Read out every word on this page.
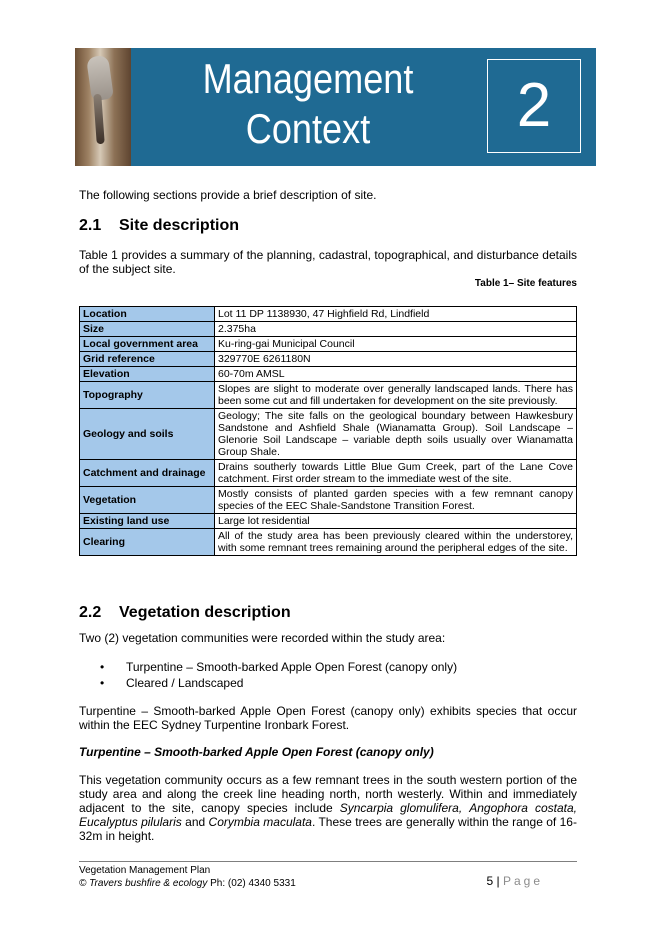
Management
Context	2
The following sections provide a brief description of site.
2.1 Site description
Table 1 provides a summary of the planning, cadastral, topographical, and disturbance details of the subject site.
Table 1– Site features
Location	Lot 11 DP 1138930, 47 Highfield Rd, Lindfield
Size	2.375ha
Local government area	Ku-ring-gai Municipal Council
Grid reference	329770E 6261180N
Elevation	60-70m AMSL
Topography	Slopes are slight to moderate over generally landscaped lands. There has been some cut and fill undertaken for development on the site previously.
Geology and soils	Geology; The site falls on the geological boundary between Hawkesbury Sandstone and Ashfield Shale (Wianamatta Group). Soil Landscape – Glenorie Soil Landscape – variable depth soils usually over Wianamatta Group Shale.
Catchment and drainage	Drains southerly towards Little Blue Gum Creek, part of the Lane Cove catchment. First order stream to the immediate west of the site.
Vegetation	Mostly consists of planted garden species with a few remnant canopy species of the EEC Shale-Sandstone Transition Forest.
Existing land use	Large lot residential
Clearing	All of the study area has been previously cleared within the understorey, with some remnant trees remaining around the peripheral edges of the site.
2.2 Vegetation description
Two (2) vegetation communities were recorded within the study area:
• Turpentine – Smooth-barked Apple Open Forest (canopy only)
• Cleared / Landscaped
Turpentine – Smooth-barked Apple Open Forest (canopy only) exhibits species that occur within the EEC Sydney Turpentine Ironbark Forest.
Turpentine – Smooth-barked Apple Open Forest (canopy only)
This vegetation community occurs as a few remnant trees in the south western portion of the study area and along the creek line heading north, north westerly. Within and immediately adjacent to the site, canopy species include Syncarpia glomulifera, Angophora costata, Eucalyptus pilularis and Corymbia maculata. These trees are generally within the range of 16-32m in height.
Vegetation Management Plan
© Travers bushfire & ecology Ph: (02) 4340 5331	5 | Page
